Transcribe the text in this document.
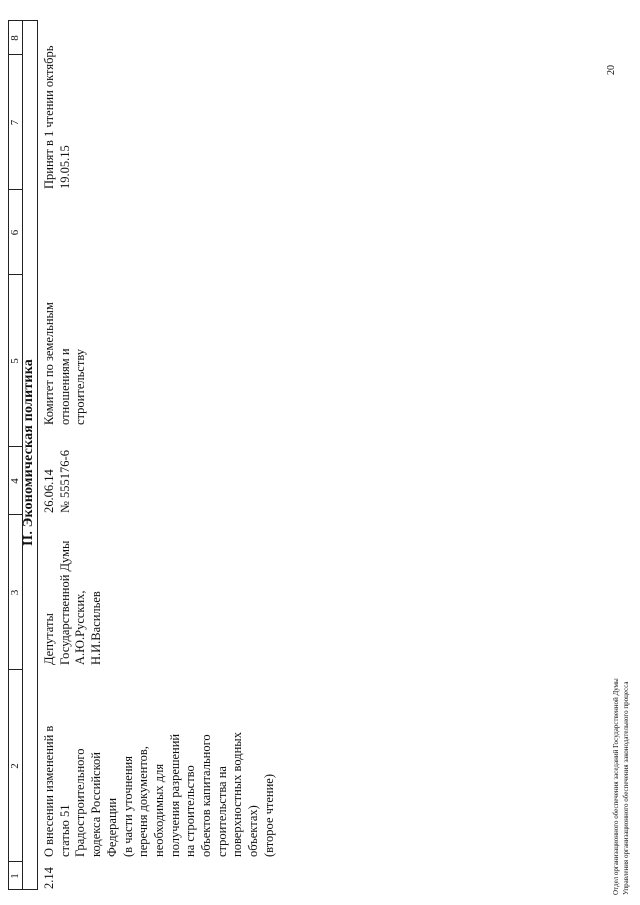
1
2
3
4
5
6
7
8
II. Экономическая политика
2.14
О внесении изменений в
статью 51
Градостроительного
кодекса Российской
Федерации
(в части уточнения
перечня документов,
необходимых для
получения разрешений
на строительство
объектов капитального
строительства на
поверхностных водных
объектах)
(второе чтение)
Депутаты
Государственной Думы
А.Ю.Русских,
Н.И.Васильев
26.06.14
№ 555176-6
Комитет по земельным
отношениям и
строительству
Принят в 1 чтении октябрь
19.05.15
20
Отдел организационного обеспечения заседаний Государственной Думы Управления организационного обеспечения законодательного процесса
